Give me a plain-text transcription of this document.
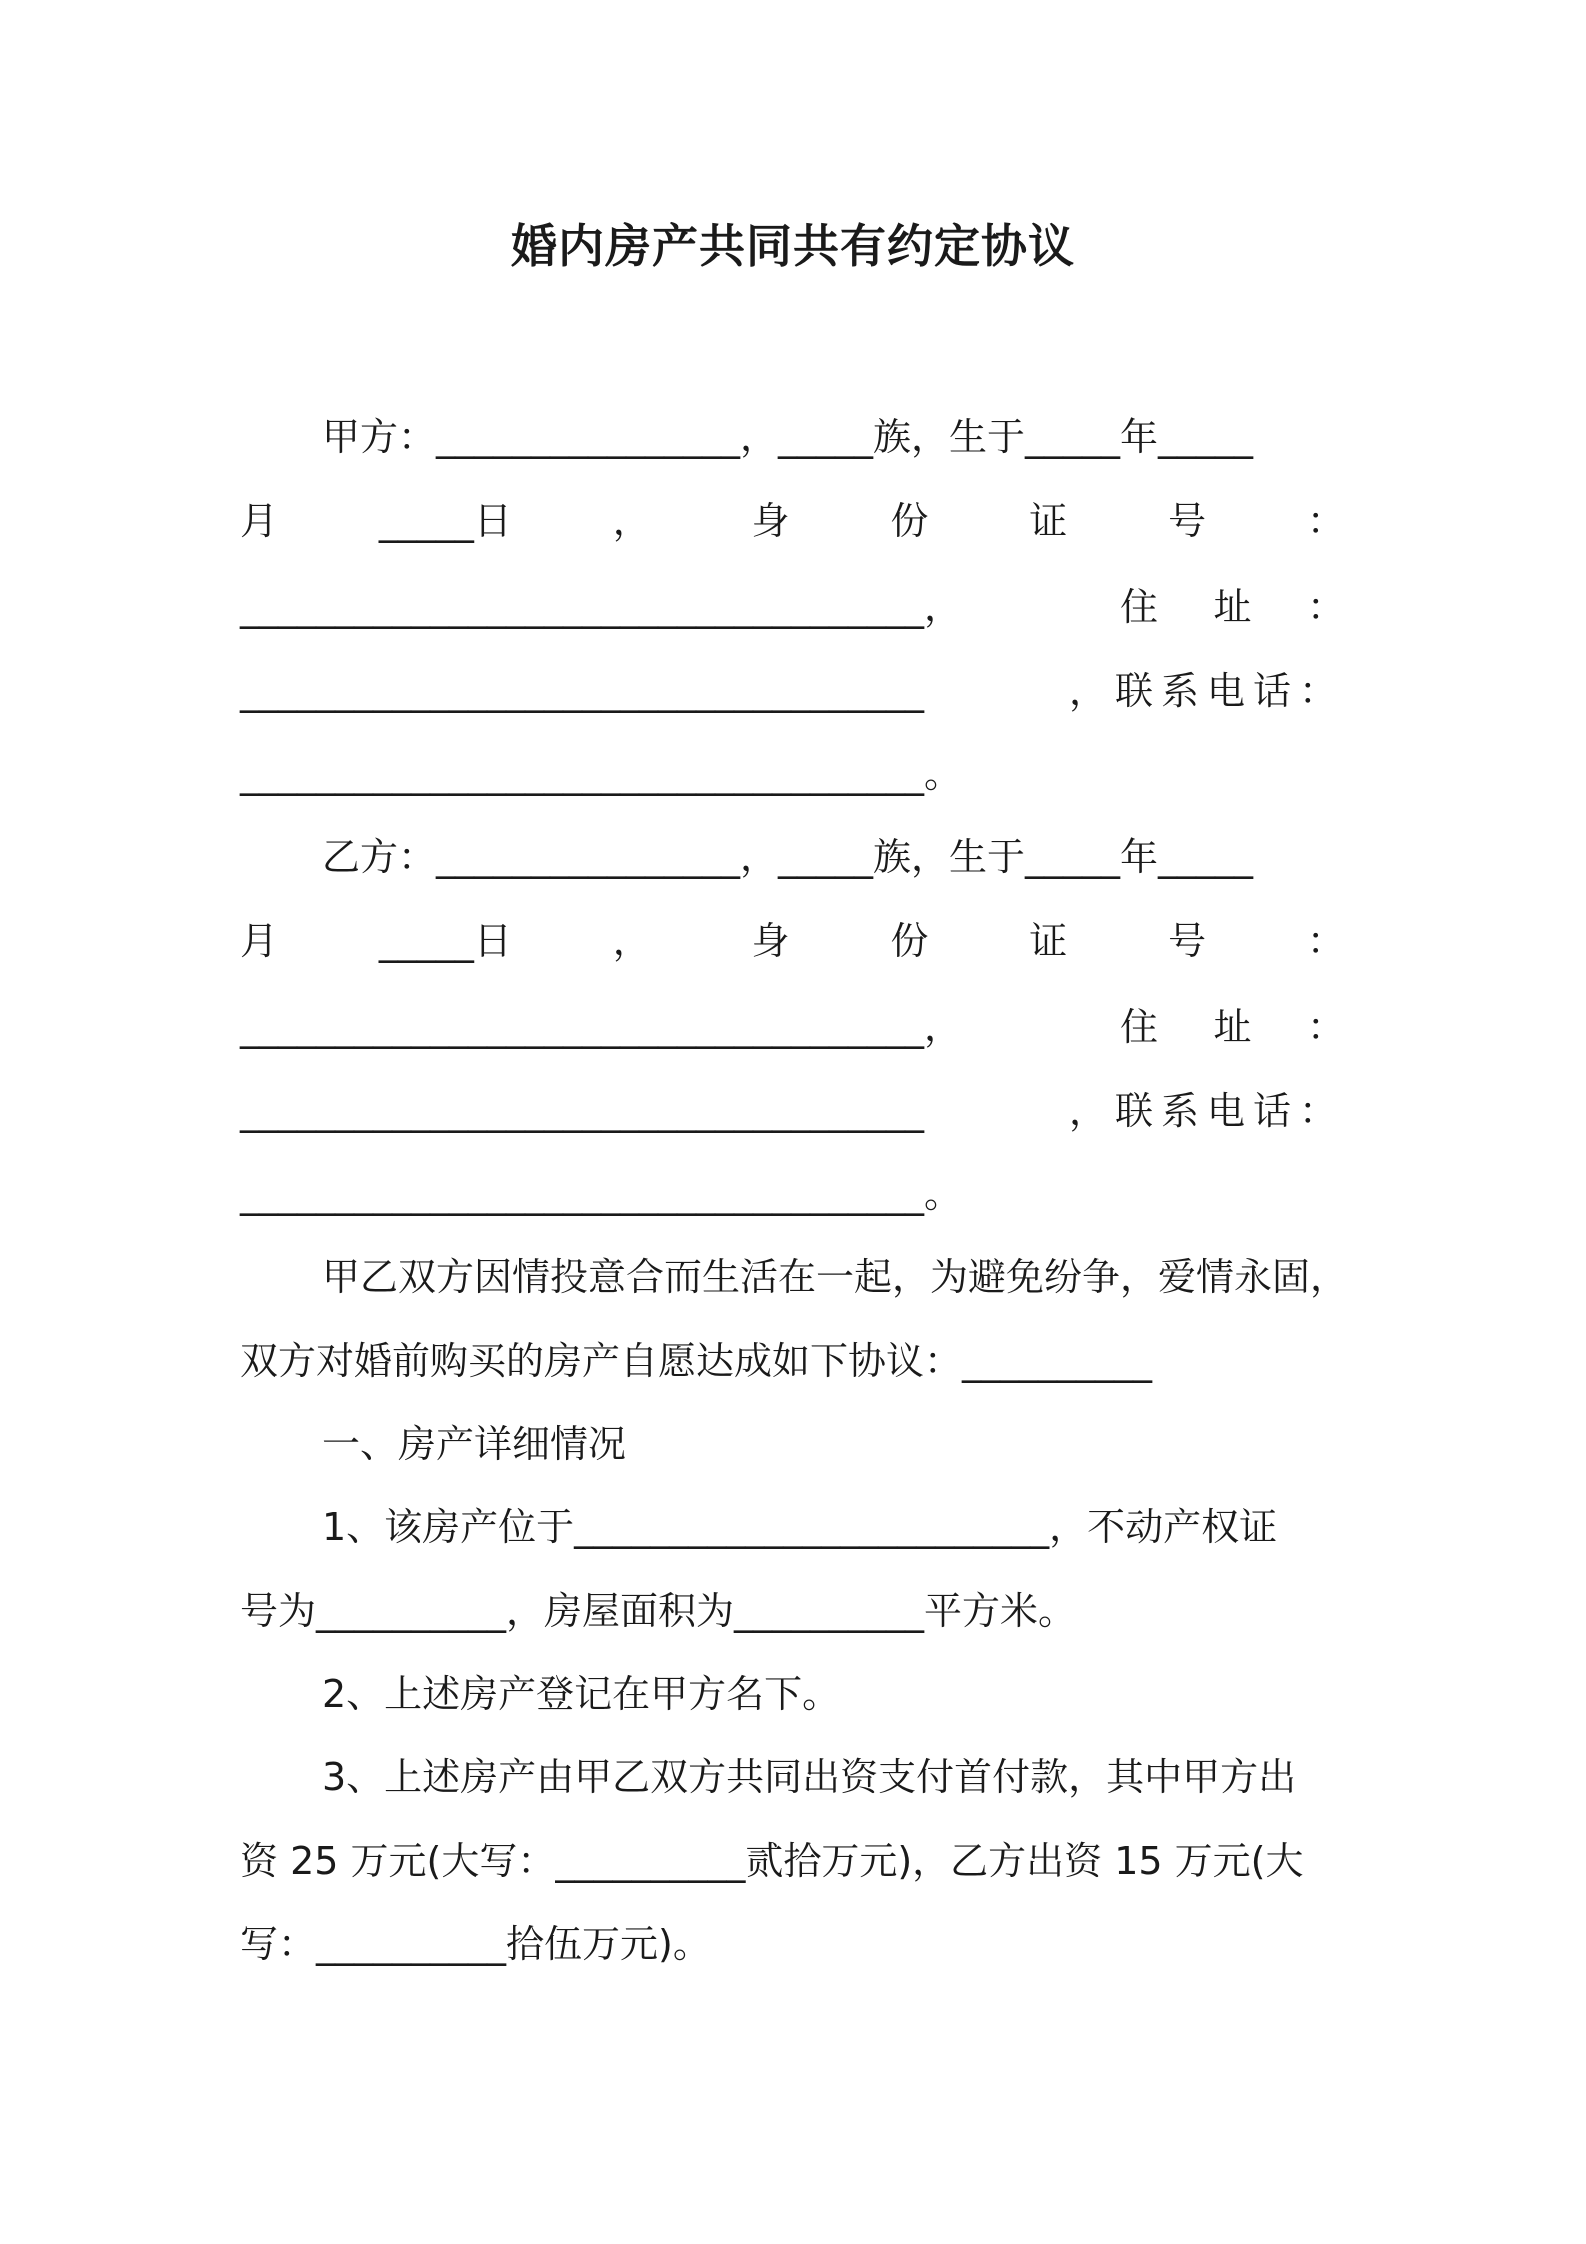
婚内房产共同共有约定协议
甲方：________________，_____族，生于_____年_____
月	_____日	，	身	份	证	号	：
____________________________________，	住 址 ：
____________________________________	，联系电话：
____________________________________。
乙方：________________，_____族，生于_____年_____
月	_____日	，	身	份	证	号	：
____________________________________，	住 址 ：
____________________________________	，联系电话：
____________________________________。
甲乙双方因情投意合而生活在一起，为避免纷争，爱情永固，
双方对婚前购买的房产自愿达成如下协议：__________
一、房产详细情况
1、该房产位于_________________________，不动产权证
号为__________，房屋面积为__________平方米。
2、上述房产登记在甲方名下。
3、上述房产由甲乙双方共同出资支付首付款，其中甲方出
资 25 万元(大写：__________贰拾万元)，乙方出资 15 万元(大
写：__________拾伍万元)。
